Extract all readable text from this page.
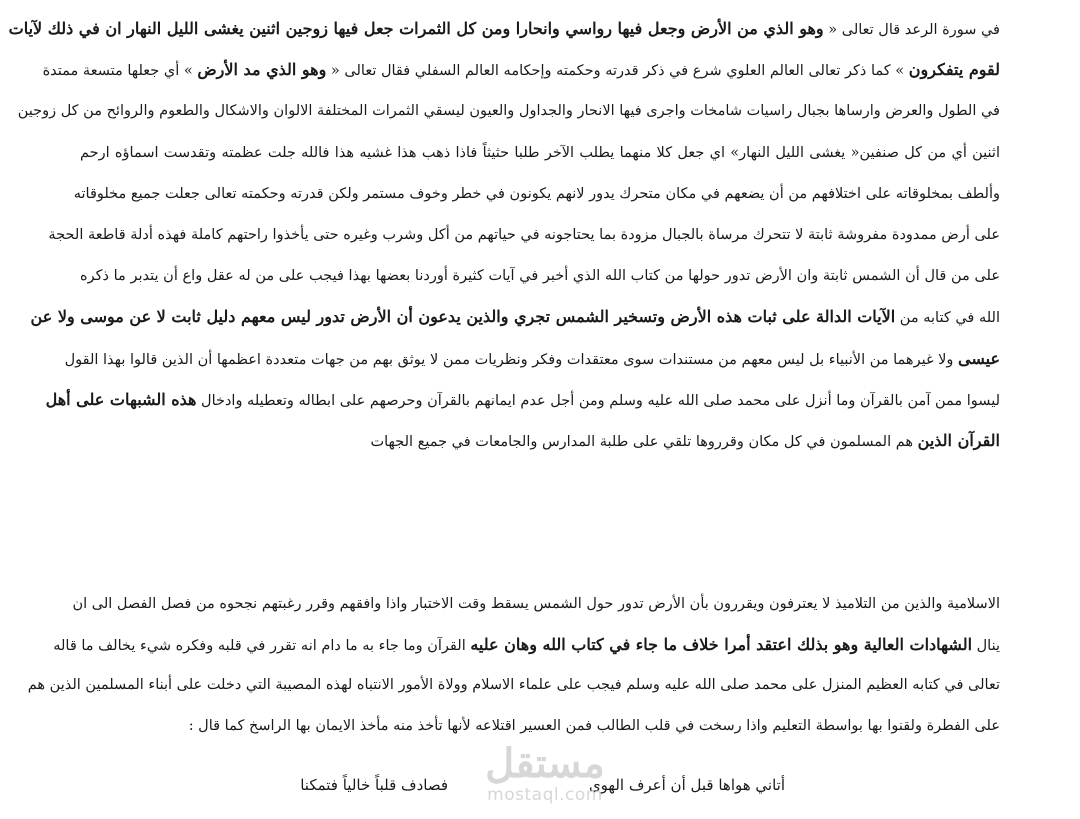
في سورة الرعد قال تعالى « وهو الذي من الأرض وجعل فيها رواسي وانحارا ومن كل الثمرات جعل فيها زوجين اثنين يغشى الليل النهار ان في ذلك لآيات
لقوم يتفكرون » كما ذكر تعالى العالم العلوي شرع في ذكر قدرته وحكمته وإحكامه العالم السفلي فقال تعالى « وهو الذي مد الأرض » أي جعلها متسعة ممتدة
في الطول والعرض وارساها بجبال راسيات شامخات واجرى فيها الانحار والجداول والعيون ليسقي الثمرات المختلفة الالوان والاشكال والطعوم والروائح من كل زوجين
اثنين أي من كل صنفين« يغشى الليل النهار» اي جعل كلا منهما يطلب الآخر طلبا حثيثاً فاذا ذهب هذا غشيه هذا فالله جلت عظمته وتقدست اسماؤه ارحم
وألطف بمخلوقاته على اختلافهم من أن يضعهم في مكان متحرك يدور لانهم يكونون في خطر وخوف مستمر ولكن قدرته وحكمته تعالى جعلت جميع مخلوقاته
على أرض ممدودة مفروشة ثابتة لا تتحرك مرساة بالجبال مزودة بما يحتاجونه في حياتهم من أكل وشرب وغيره حتى يأخذوا راحتهم كاملة فهذه أدلة قاطعة الحجة
على من قال أن الشمس ثابتة وان الأرض تدور حولها من كتاب الله الذي أخبر في آيات كثيرة أوردنا بعضها بهذا فيجب على من له عقل واع أن يتدبر ما ذكره
الله في كتابه من الآيات الدالة على ثبات هذه الأرض وتسخير الشمس تجري والذين يدعون أن الأرض تدور ليس معهم دليل ثابت لا عن موسى ولا عن
عيسى ولا غيرهما من الأنبياء بل ليس معهم من مستندات سوى معتقدات وفكر ونظريات ممن لا يوثق بهم من جهات متعددة اعظمها أن الذين قالوا بهذا القول
ليسوا ممن آمن بالقرآن وما أنزل على محمد صلى الله عليه وسلم ومن أجل عدم ايمانهم بالقرآن وحرصهم على ابطاله وتعطيله وادخال هذه الشبهات على أهل
القرآن الذين هم المسلمون في كل مكان وقرروها تلقي على طلبة المدارس والجامعات في جميع الجهات
الاسلامية والذين من التلاميذ لا يعترفون ويقررون بأن الأرض تدور حول الشمس يسقط وقت الاختبار واذا وافقهم وقرر رغبتهم نجحوه من فصل الفصل الى ان
ينال الشهادات العالية وهو بذلك اعتقد أمرا خلاف ما جاء في كتاب الله وهان عليه القرآن وما جاء به ما دام انه تقرر في قلبه وفكره شيء يخالف ما قاله
تعالى في كتابه العظيم المنزل على محمد صلى الله عليه وسلم فيجب على علماء الاسلام وولاة الأمور الانتباه لهذه المصيبة التي دخلت على أبناء المسلمين الذين هم
على الفطرة ولقنوا بها بواسطة التعليم واذا رسخت في قلب الطالب فمن العسير اقتلاعه لأنها تأخذ منه مأخذ الايمان بها الراسخ كما قال :
أتاني هواها قبل أن أعرف الهوى
فصادف قلباً خالياً فتمكنا مستقل
mostaql.com
